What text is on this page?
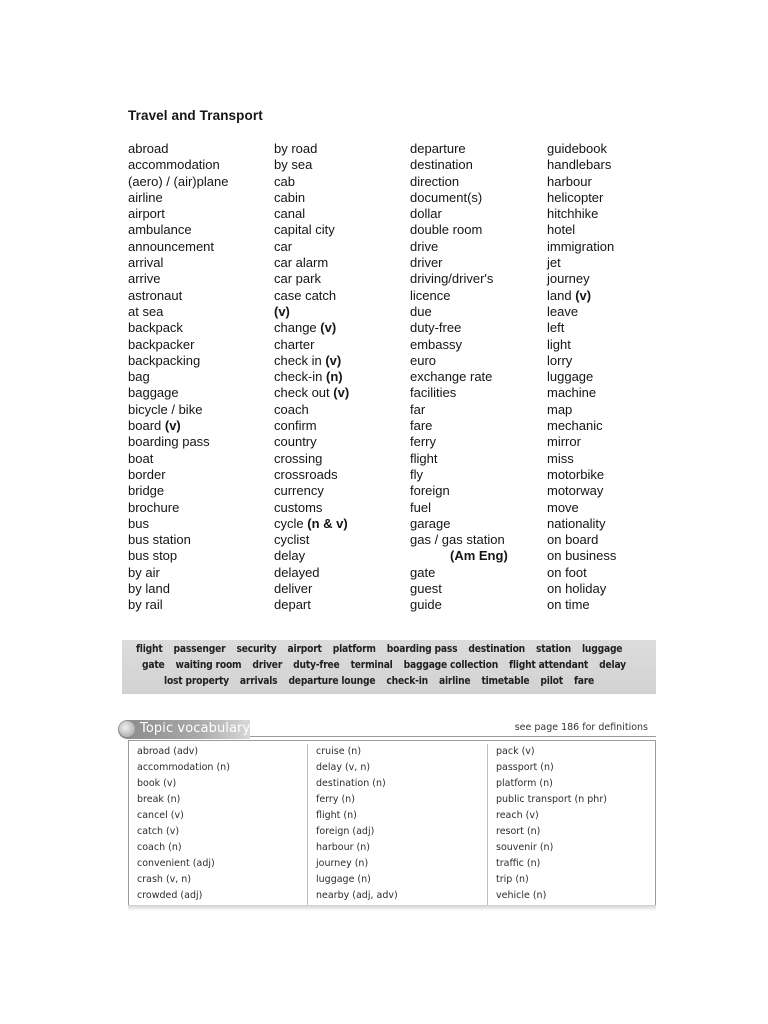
Travel and Transport
abroad
accommodation
(aero) / (air)plane
airline
airport
ambulance
announcement
arrival
arrive
astronaut
at sea
backpack
backpacker
backpacking
bag
baggage
bicycle / bike
board (v)
boarding pass
boat
border
bridge
brochure
bus
bus station
bus stop
by air
by land
by rail
by road
by sea
cab
cabin
canal
capital city
car
car alarm
car park
case catch
(v)
change (v)
charter
check in (v)
check-in (n)
check out (v)
coach
confirm
country
crossing
crossroads
currency
customs
cycle (n & v)
cyclist
delay
delayed
deliver
depart
departure
destination
direction
document(s)
dollar
double room
drive
driver
driving/driver's
licence
due
duty-free
embassy
euro
exchange rate
facilities
far
fare
ferry
flight
fly
foreign
fuel
garage
gas / gas station
(Am Eng)
gate
guest
guide
guidebook
handlebars
harbour
helicopter
hitchhike
hotel
immigration
jet
journey
land (v)
leave
left
light
lorry
luggage
machine
map
mechanic
mirror
miss
motorbike
motorway
move
nationality
on board
on business
on foot
on holiday
on time
flight passenger security airport platform boarding pass destination station luggage
gate waiting room driver duty-free terminal baggage collection flight attendant delay
lost property arrivals departure lounge check-in airline timetable pilot fare
Topic vocabulary	see page 186 for definitions
abroad (adv)
accommodation (n)
book (v)
break (n)
cancel (v)
catch (v)
coach (n)
convenient (adj)
crash (v, n)
crowded (adj)
cruise (n)
delay (v, n)
destination (n)
ferry (n)
flight (n)
foreign (adj)
harbour (n)
journey (n)
luggage (n)
nearby (adj, adv)
pack (v)
passport (n)
platform (n)
public transport (n phr)
reach (v)
resort (n)
souvenir (n)
traffic (n)
trip (n)
vehicle (n)
